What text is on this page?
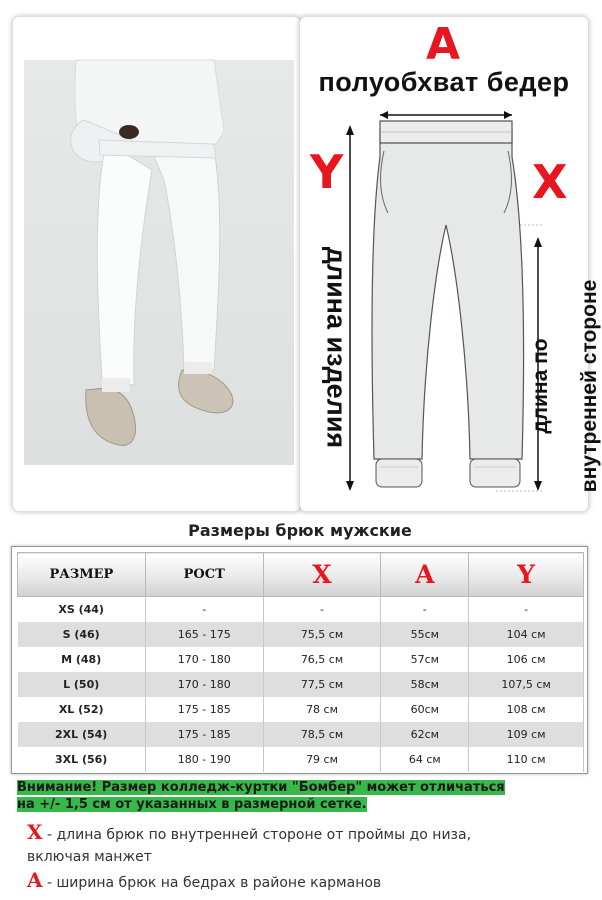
A
полуобхват бедер
Y	X
длина изделия	длина по внутренней стороне
Размеры брюк мужские
РАЗМЕР	РОСТ	X	A	Y
XS (44)	-	-	-	-
S (46)	165 - 175	75,5 см	55см	104 см
M (48)	170 - 180	76,5 см	57см	106 см
L (50)	170 - 180	77,5 см	58см	107,5 см
XL (52)	175 - 185	78 см	60см	108 см
2XL (54)	175 - 185	78,5 см	62см	109 см
3XL (56)	180 - 190	79 см	64 см	110 см
Внимание! Размер колледж-куртки "Бомбер" может отличаться
на +/- 1,5 см от указанных в размерной сетке.
X - длина брюк по внутренней стороне от проймы до низа,
включая манжет
A - ширина брюк на бедрах в районе карманов
